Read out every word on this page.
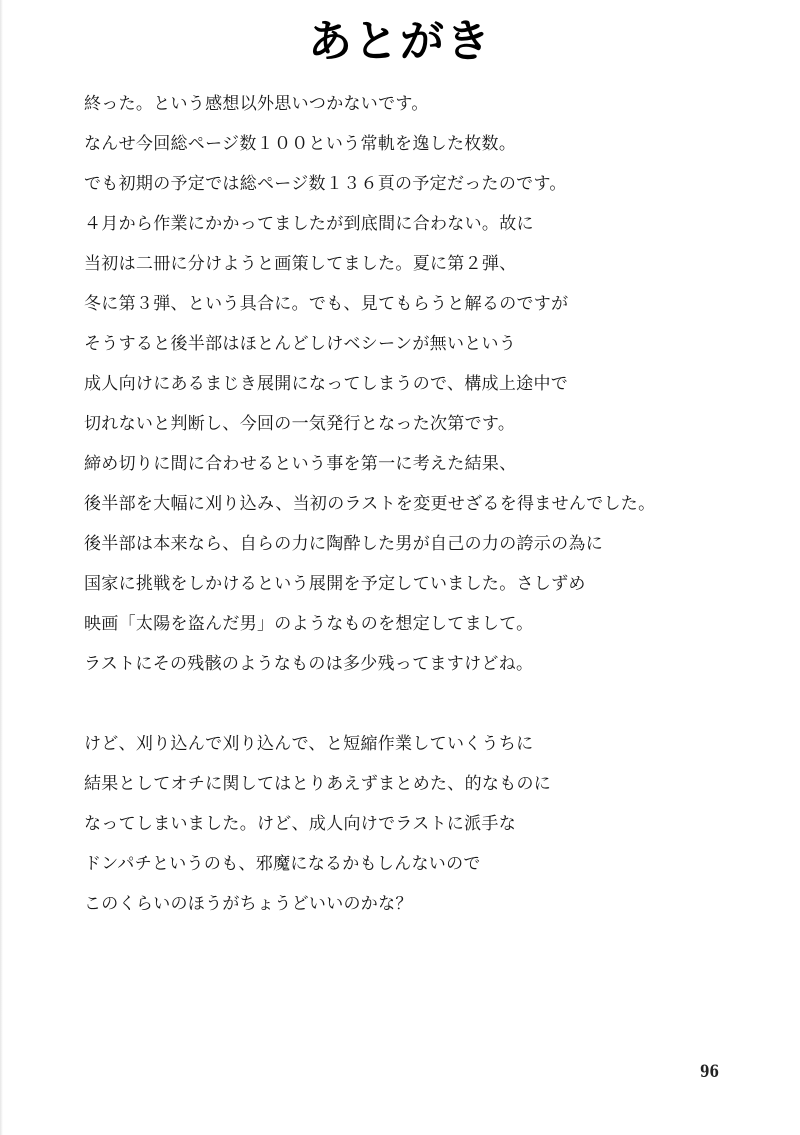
あとがき
終った。という感想以外思いつかないです。
なんせ今回総ページ数１００という常軌を逸した枚数。
でも初期の予定では総ページ数１３６頁の予定だったのです。
４月から作業にかかってましたが到底間に合わない。故に
当初は二冊に分けようと画策してました。夏に第２弾、
冬に第３弾、という具合に。でも、見てもらうと解るのですが
そうすると後半部はほとんどしけベシーンが無いという
成人向けにあるまじき展開になってしまうので、構成上途中で
切れないと判断し、今回の一気発行となった次第です。
締め切りに間に合わせるという事を第一に考えた結果、
後半部を大幅に刈り込み、当初のラストを変更せざるを得ませんでした。
後半部は本来なら、自らの力に陶酔した男が自己の力の誇示の為に
国家に挑戦をしかけるという展開を予定していました。さしずめ
映画「太陽を盗んだ男」のようなものを想定してまして。
ラストにその残骸のようなものは多少残ってますけどね。
けど、刈り込んで刈り込んで、と短縮作業していくうちに
結果としてオチに関してはとりあえずまとめた、的なものに
なってしまいました。けど、成人向けでラストに派手な
ドンパチというのも、邪魔になるかもしんないので
このくらいのほうがちょうどいいのかな？
96
